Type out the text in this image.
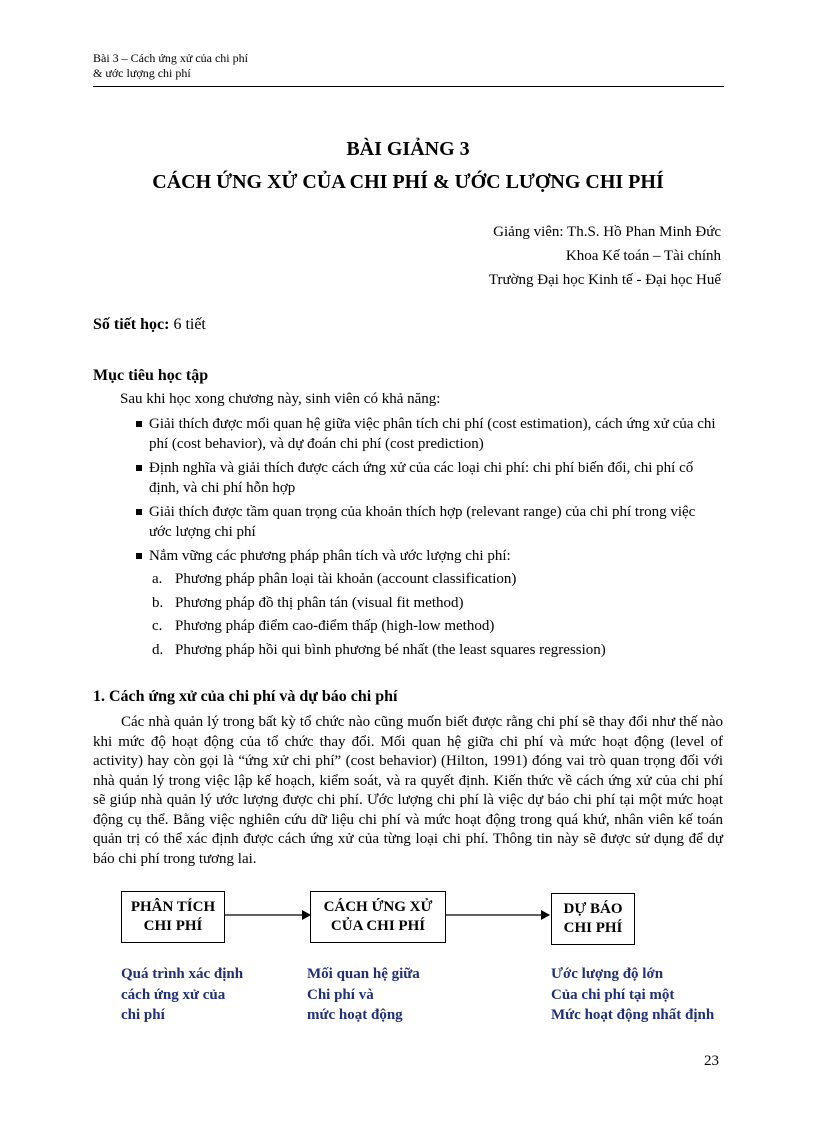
Bài 3 – Cách ứng xử của chi phí
& ước lượng chi phí
BÀI GIẢNG 3
CÁCH ỨNG XỬ CỦA CHI PHÍ & ƯỚC LƯỢNG CHI PHÍ
Giảng viên: Th.S. Hồ Phan Minh Đức
Khoa Kế toán – Tài chính
Trường Đại học Kinh tế - Đại học Huế
Số tiết học: 6 tiết
Mục tiêu học tập
Sau khi học xong chương này, sinh viên có khả năng:
Giải thích được mối quan hệ giữa việc phân tích chi phí (cost estimation), cách ứng xử của chi phí (cost behavior), và dự đoán chi phí (cost prediction)
Định nghĩa và giải thích được cách ứng xử của các loại chi phí: chi phí biến đổi, chi phí cố định, và chi phí hỗn hợp
Giải thích được tầm quan trọng của khoản thích hợp (relevant range) của chi phí trong việc ước lượng chi phí
Nắm vững các phương pháp phân tích và ước lượng chi phí:
a. Phương pháp phân loại tài khoản (account classification)
b. Phương pháp đồ thị phân tán (visual fit method)
c. Phương pháp điểm cao-điểm thấp (high-low method)
d. Phương pháp hồi qui bình phương bé nhất (the least squares regression)
1. Cách ứng xử của chi phí và dự báo chi phí

Các nhà quản lý trong bất kỳ tổ chức nào cũng muốn biết được rằng chi phí sẽ thay đổi như thế nào khi mức độ hoạt động của tổ chức thay đổi. Mối quan hệ giữa chi phí và mức hoạt động (level of activity) hay còn gọi là “ứng xử chi phí” (cost behavior) (Hilton, 1991) đóng vai trò quan trọng đối với nhà quản lý trong việc lập kế hoạch, kiểm soát, và ra quyết định. Kiến thức về cách ứng xử của chi phí sẽ giúp nhà quản lý ước lượng được chi phí. Ước lượng chi phí là việc dự báo chi phí tại một mức hoạt động cụ thể. Bằng việc nghiên cứu dữ liệu chi phí và mức hoạt động trong quá khứ, nhân viên kế toán quản trị có thể xác định được cách ứng xử của từng loại chi phí. Thông tin này sẽ được sử dụng để dự báo chi phí trong tương lai.

PHÂN TÍCH
CHI PHÍ
CÁCH ỨNG XỬ
CỦA CHI PHÍ
DỰ BÁO
CHI PHÍ
Quá trình xác định
cách ứng xử của
chi phí
Mối quan hệ giữa
Chi phí và
mức hoạt động
Ước lượng độ lớn
Của chi phí tại một
Mức hoạt động nhất định
23
